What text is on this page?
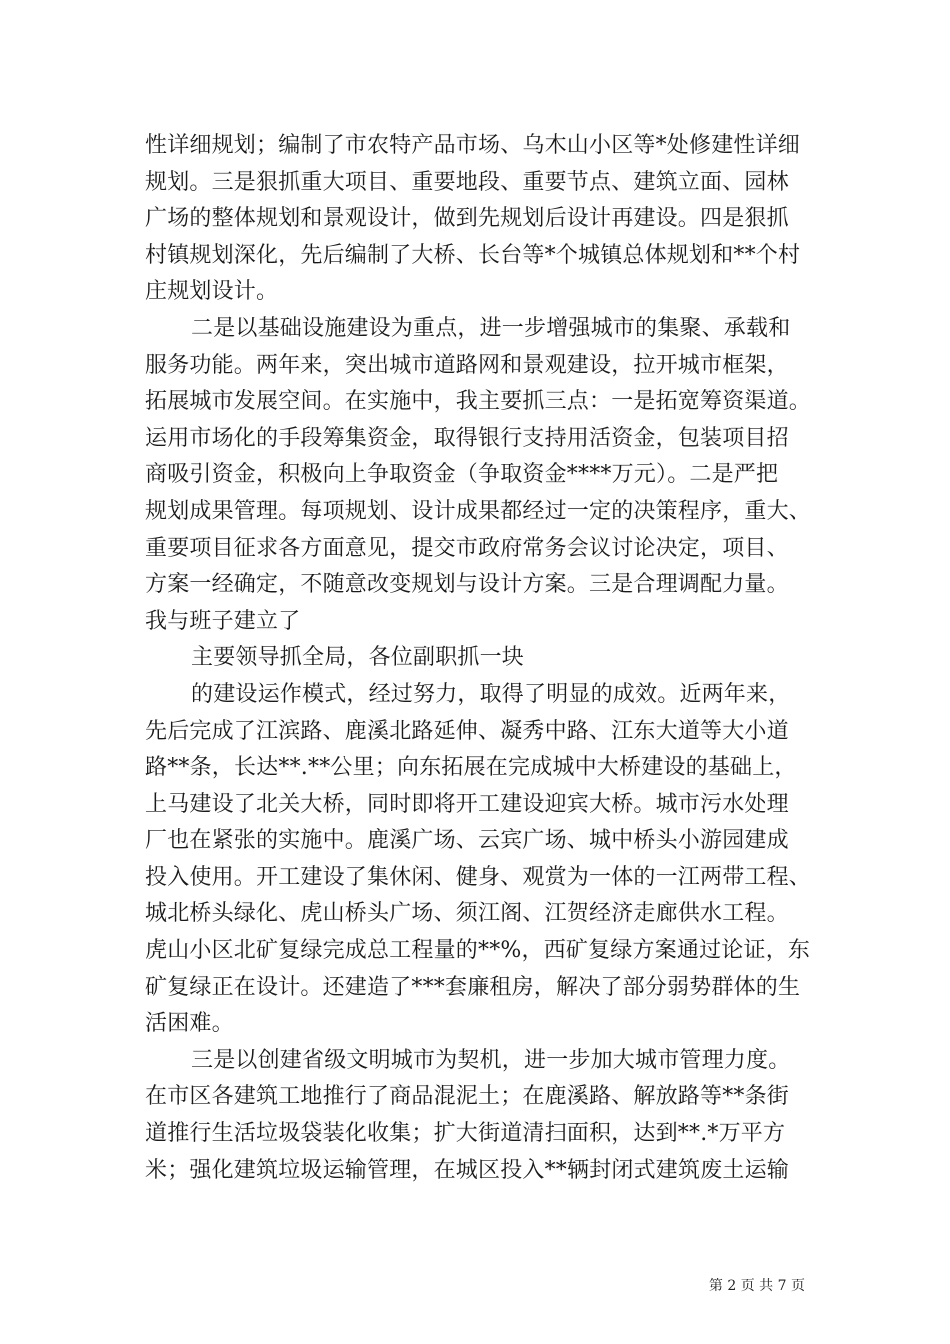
性详细规划；编制了市农特产品市场、乌木山小区等*处修建性详细
规划。三是狠抓重大项目、重要地段、重要节点、建筑立面、园林
广场的整体规划和景观设计，做到先规划后设计再建设。四是狠抓
村镇规划深化，先后编制了大桥、长台等*个城镇总体规划和**个村
庄规划设计。
二是以基础设施建设为重点，进一步增强城市的集聚、承载和
服务功能。两年来，突出城市道路网和景观建设，拉开城市框架，
拓展城市发展空间。在实施中，我主要抓三点：一是拓宽筹资渠道。
运用市场化的手段筹集资金，取得银行支持用活资金，包装项目招
商吸引资金，积极向上争取资金（争取资金****万元）。二是严把
规划成果管理。每项规划、设计成果都经过一定的决策程序，重大、
重要项目征求各方面意见，提交市政府常务会议讨论决定，项目、
方案一经确定，不随意改变规划与设计方案。三是合理调配力量。
我与班子建立了
主要领导抓全局，各位副职抓一块
的建设运作模式，经过努力，取得了明显的成效。近两年来，
先后完成了江滨路、鹿溪北路延伸、凝秀中路、江东大道等大小道
路**条，长达**.**公里；向东拓展在完成城中大桥建设的基础上，
上马建设了北关大桥，同时即将开工建设迎宾大桥。城市污水处理
厂也在紧张的实施中。鹿溪广场、云宾广场、城中桥头小游园建成
投入使用。开工建设了集休闲、健身、观赏为一体的一江两带工程、
城北桥头绿化、虎山桥头广场、须江阁、江贺经济走廊供水工程。
虎山小区北矿复绿完成总工程量的**%，西矿复绿方案通过论证，东
矿复绿正在设计。还建造了***套廉租房，解决了部分弱势群体的生
活困难。
三是以创建省级文明城市为契机，进一步加大城市管理力度。
在市区各建筑工地推行了商品混泥土；在鹿溪路、解放路等**条街
道推行生活垃圾袋装化收集；扩大街道清扫面积，达到**.*万平方
米；强化建筑垃圾运输管理，在城区投入**辆封闭式建筑废土运输
第 2 页 共 7 页
